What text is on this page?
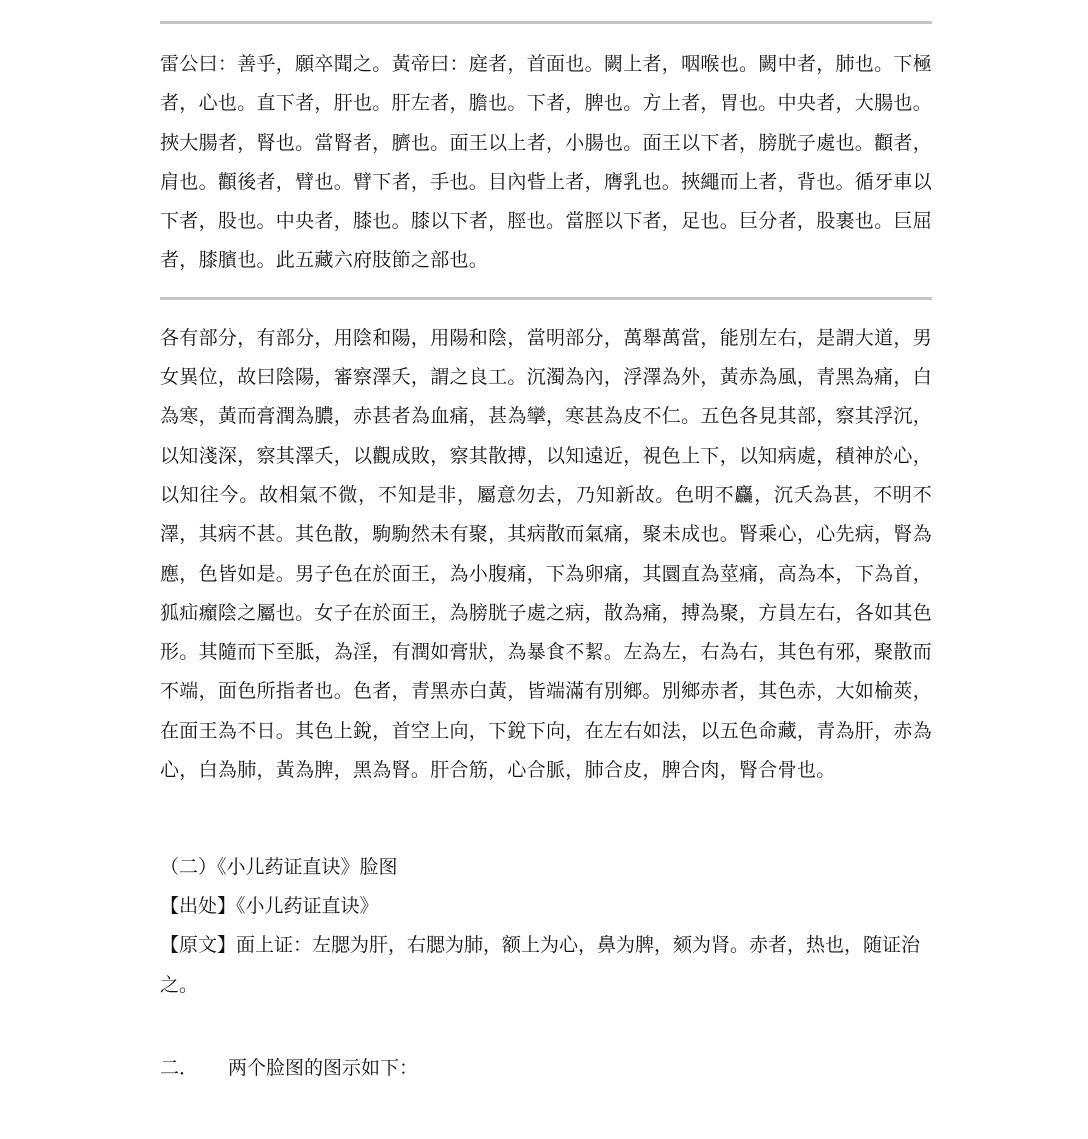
雷公曰：善乎，願卒聞之。黃帝曰：庭者，首面也。闕上者，咽喉也。闕中者，肺也。下極者，心也。直下者，肝也。肝左者，膽也。下者，脾也。方上者，胃也。中央者，大腸也。挾大腸者，腎也。當腎者，臍也。面王以上者，小腸也。面王以下者，膀胱子處也。顴者，肩也。顴後者，臂也。臂下者，手也。目內眥上者，膺乳也。挾繩而上者，背也。循牙車以下者，股也。中央者，膝也。膝以下者，脛也。當脛以下者，足也。巨分者，股裹也。巨屈者，膝臏也。此五藏六府肢節之部也。

各有部分，有部分，用陰和陽，用陽和陰，當明部分，萬舉萬當，能別左右，是謂大道，男女異位，故曰陰陽，審察澤夭，謂之良工。沉濁為內，浮澤為外，黃赤為風，青黑為痛，白為寒，黃而膏潤為膿，赤甚者為血痛，甚為攣，寒甚為皮不仁。五色各見其部，察其浮沉，以知淺深，察其澤夭，以觀成敗，察其散搏，以知遠近，視色上下，以知病處，積神於心，以知往今。故相氣不微，不知是非，屬意勿去，乃知新故。色明不麤，沉夭為甚，不明不澤，其病不甚。其色散，駒駒然未有聚，其病散而氣痛，聚未成也。腎乘心，心先病，腎為應，色皆如是。男子色在於面王，為小腹痛，下為卵痛，其圜直為莖痛，高為本，下為首，狐疝㿗陰之屬也。女子在於面王，為膀胱子處之病，散為痛，搏為聚，方員左右，各如其色形。其隨而下至胝，為淫，有潤如膏狀，為暴食不絜。左為左，右為右，其色有邪，聚散而不端，面色所指者也。色者，青黑赤白黃，皆端滿有別鄉。別鄉赤者，其色赤，大如榆莢，在面王為不日。其色上銳，首空上向，下銳下向，在左右如法，以五色命藏，青為肝，赤為心，白為肺，黃為脾，黑為腎。肝合筋，心合脈，肺合皮，脾合肉，腎合骨也。

（二）《小儿药证直诀》脸图

【出处】《小儿药证直诀》

【原文】面上证：左腮为肝，右腮为肺，额上为心，鼻为脾，颏为肾。赤者，热也，随证治之。

二． 两个脸图的图示如下：
